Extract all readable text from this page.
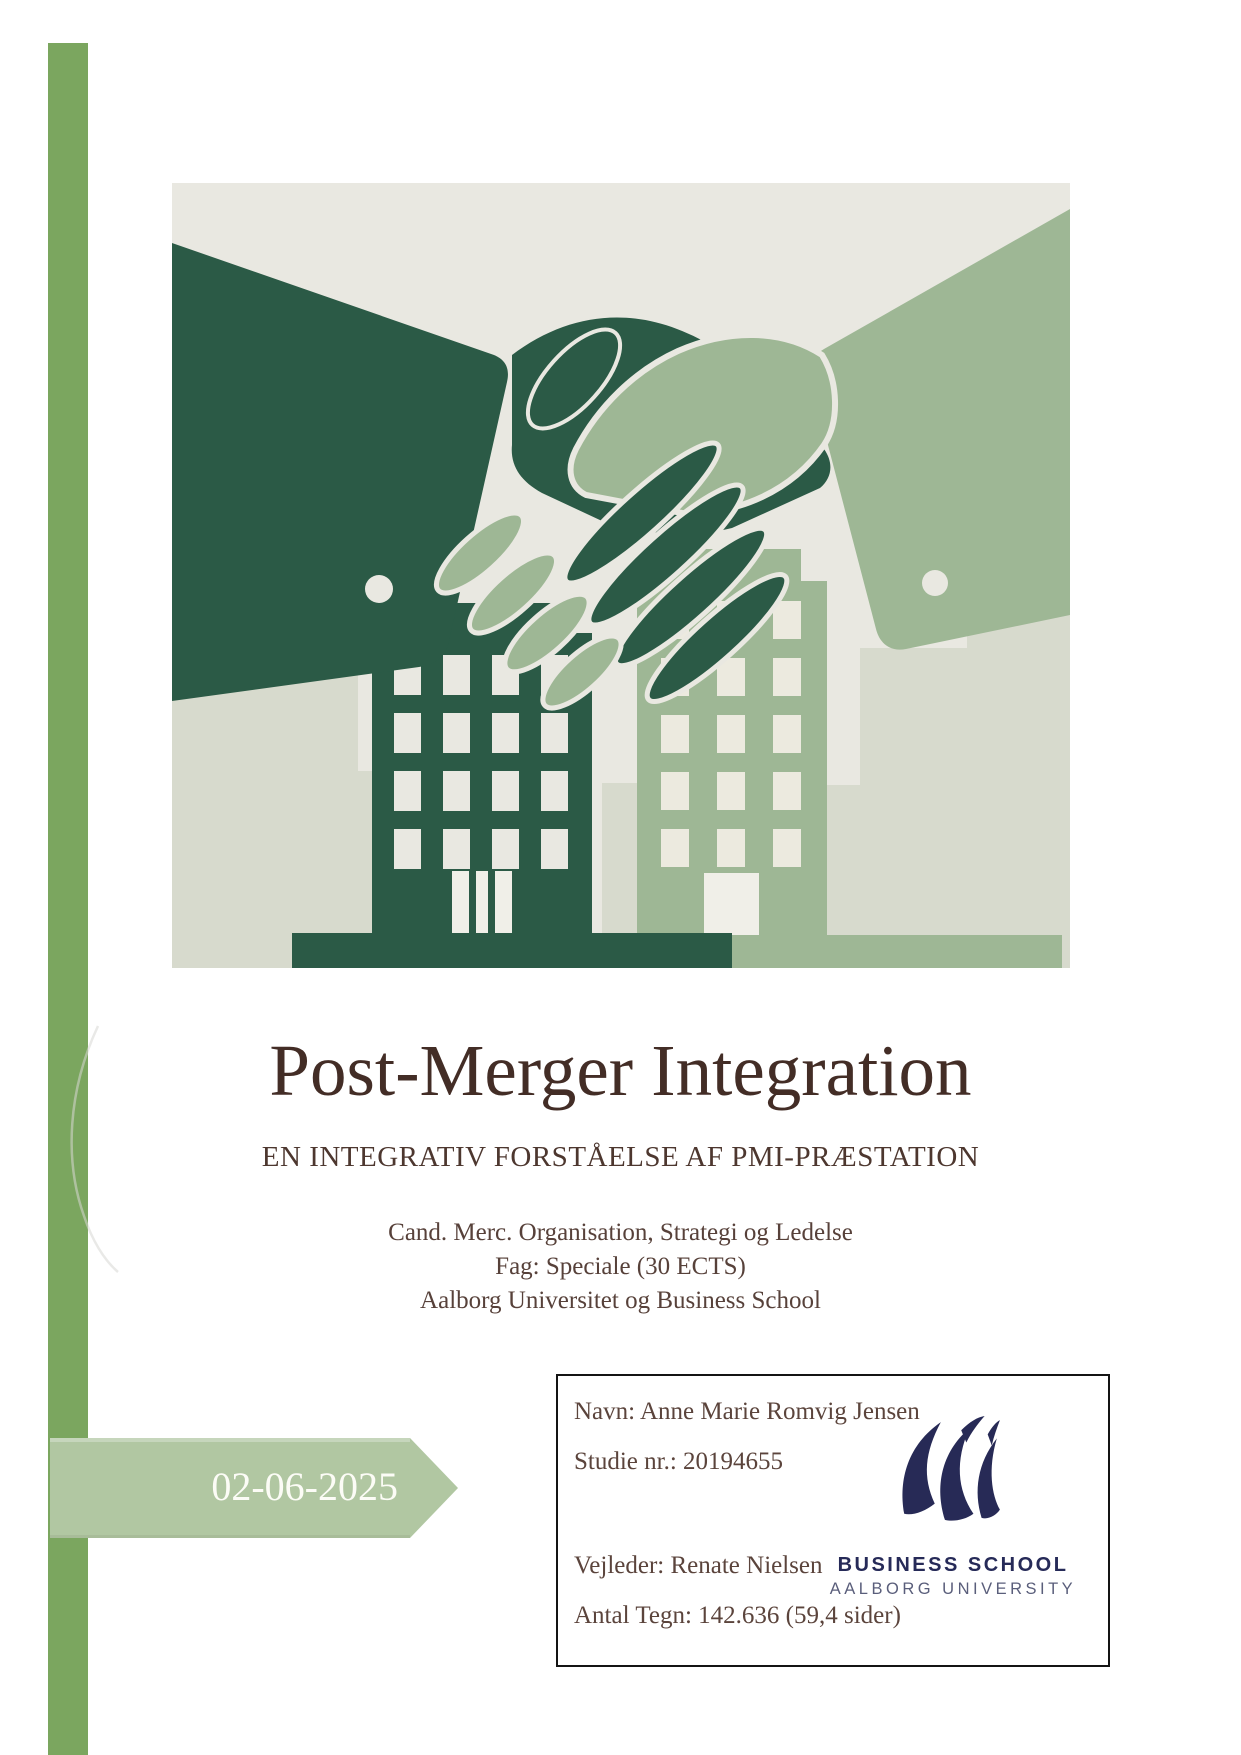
Post-Merger Integration
EN INTEGRATIV FORSTÅELSE AF PMI-PRÆSTATION
Cand. Merc. Organisation, Strategi og Ledelse
Fag: Speciale (30 ECTS)
Aalborg Universitet og Business School
02-06-2025
Navn: Anne Marie Romvig Jensen
Studie nr.: 20194655
Vejleder: Renate Nielsen
Antal Tegn: 142.636 (59,4 sider)
BUSINESS SCHOOL
AALBORG UNIVERSITY
